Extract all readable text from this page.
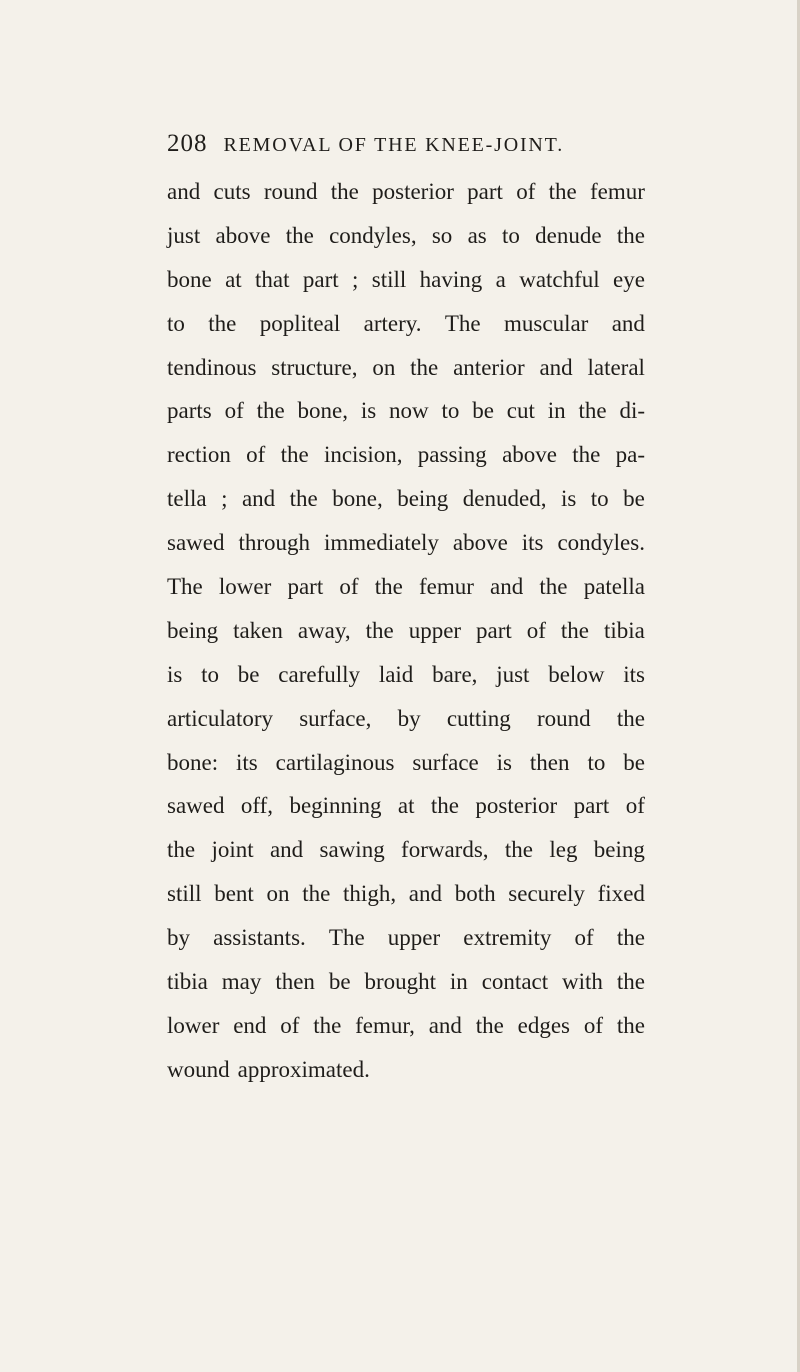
208 REMOVAL OF THE KNEE-JOINT.
and cuts round the posterior part of the femur
just above the condyles, so as to denude the
bone at that part ; still having a watchful eye
to the popliteal artery. The muscular and
tendinous structure, on the anterior and lateral
parts of the bone, is now to be cut in the di-
rection of the incision, passing above the pa-
tella ; and the bone, being denuded, is to be
sawed through immediately above its condyles.
The lower part of the femur and the patella
being taken away, the upper part of the tibia
is to be carefully laid bare, just below its
articulatory surface, by cutting round the
bone: its cartilaginous surface is then to be
sawed off, beginning at the posterior part of
the joint and sawing forwards, the leg being
still bent on the thigh, and both securely fixed
by assistants. The upper extremity of the
tibia may then be brought in contact with the
lower end of the femur, and the edges of the
wound approximated.
